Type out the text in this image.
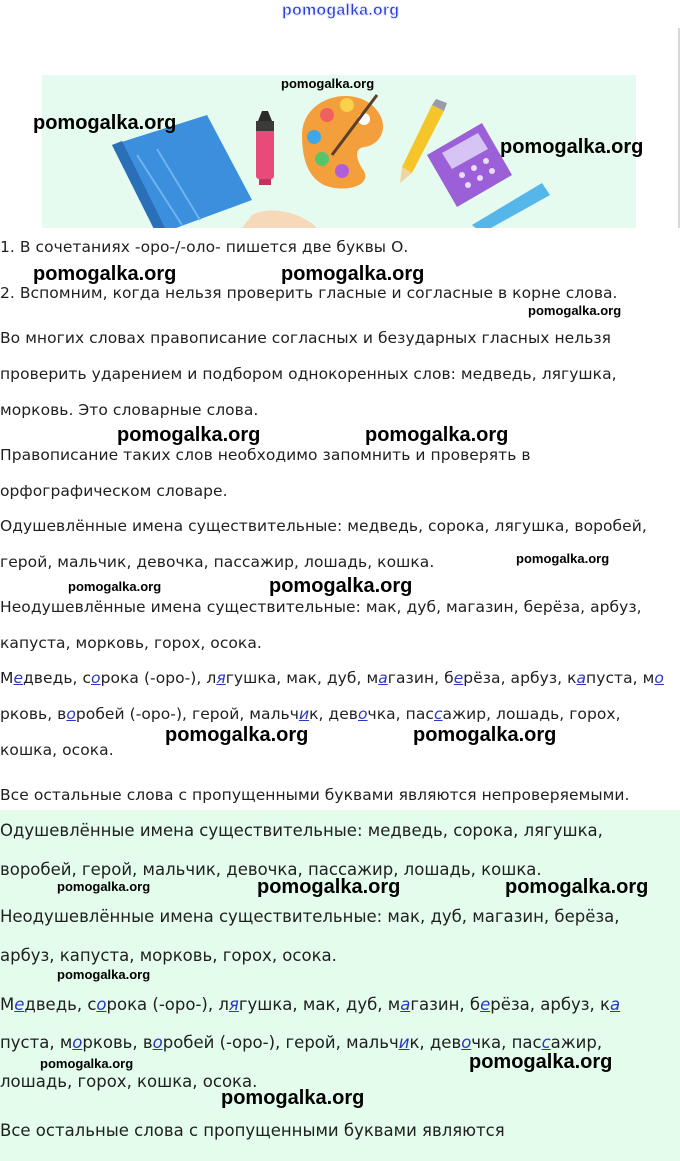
pomogalka.org
pomogalka.org
pomogalka.org
pomogalka.org
1. В сочетаниях -оро-/-оло- пишется две буквы О.
pomogalka.org	pomogalka.org
2. Вспомним, когда нельзя проверить гласные и согласные в корне слова.
pomogalka.org
Во многих словах правописание согласных и безударных гласных нельзя
проверить ударением и подбором однокоренных слов: медведь, лягушка,
морковь. Это словарные слова.
pomogalka.org	pomogalka.org
Правописание таких слов необходимо запомнить и проверять в
орфографическом словаре.
Одушевлённые имена существительные: медведь, сорока, лягушка, воробей,
герой, мальчик, девочка, пассажир, лошадь, кошка.	pomogalka.org
pomogalka.org	pomogalka.org
Неодушевлённые имена существительные: мак, дуб, магазин, берёза, арбуз,
капуста, морковь, горох, осока.
Медведь, сорока (-оро-), лягушка, мак, дуб, магазин, берёза, арбуз, капуста, мо
рковь, воробей (-оро-), герой, мальчик, девочка, пассажир, лошадь, горох,
кошка, осока.
pomogalka.org	pomogalka.org
Все остальные слова с пропущенными буквами являются непроверяемыми.
Одушевлённые имена существительные: медведь, сорока, лягушка,
воробей, герой, мальчик, девочка, пассажир, лошадь, кошка.
pomogalka.org	pomogalka.org	pomogalka.org
Неодушевлённые имена существительные: мак, дуб, магазин, берёза,
арбуз, капуста, морковь, горох, осока.
pomogalka.org
Медведь, сорока (-оро-), лягушка, мак, дуб, магазин, берёза, арбуз, ка
пуста, морковь, воробей (-оро-), герой, мальчик, девочка, пассажир,
pomogalka.org	pomogalka.org
лошадь, горох, кошка, осока.
pomogalka.org
Все остальные слова с пропущенными буквами являются
